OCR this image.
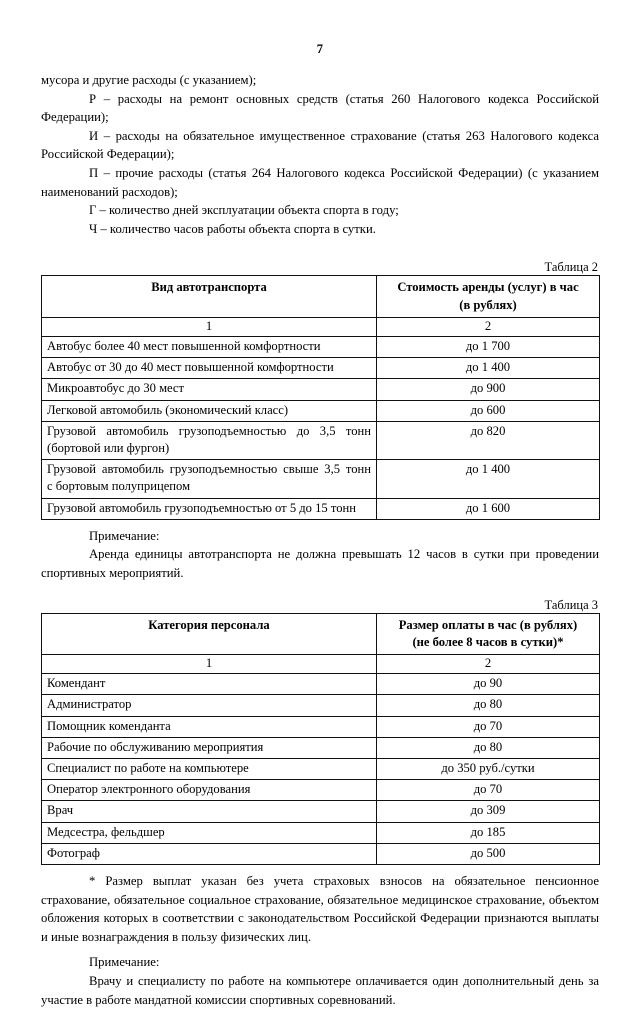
7

мусора и другие расходы (с указанием);

Р – расходы на ремонт основных средств (статья 260 Налогового кодекса Российской Федерации);

И – расходы на обязательное имущественное страхование (статья 263 Налогового кодекса Российской Федерации);

П – прочие расходы (статья 264 Налогового кодекса Российской Федерации) (с указанием наименований расходов);

Г – количество дней эксплуатации объекта спорта в году;

Ч – количество часов работы объекта спорта в сутки.

Таблица 2

Вид автотранспорта	Стоимость аренды (услуг) в час
(в рублях)
1	2
Автобус более 40 мест повышенной комфортности	до 1 700
Автобус от 30 до 40 мест повышенной комфортности	до 1 400
Микроавтобус до 30 мест	до 900
Легковой автомобиль (экономический класс)	до 600

Грузовой автомобиль грузоподъемностью до 3,5 тонн
(бортовой или фургон)	до 820

Грузовой автомобиль грузоподъемностью свыше 3,5 тонн
с бортовым полуприцепом	до 1 400
Грузовой автомобиль грузоподъемностью от 5 до 15 тонн	до 1 600

Примечание:

Аренда единицы автотранспорта не должна превышать 12 часов в сутки при проведении спортивных мероприятий.

Таблица 3

Категория персонала	Размер оплаты в час (в рублях)
(не более 8 часов в сутки)*
1	2
Комендант	до 90
Администратор	до 80
Помощник коменданта	до 70
Рабочие по обслуживанию мероприятия	до 80
Специалист по работе на компьютере	до 350 руб./сутки
Оператор электронного оборудования	до 70
Врач	до 309
Медсестра, фельдшер	до 185
Фотограф	до 500

* Размер выплат указан без учета страховых взносов на обязательное пенсионное страхование, обязательное социальное страхование, обязательное медицинское страхование, объектом обложения которых в соответствии с законодательством Российской Федерации признаются выплаты и иные вознаграждения в пользу физических лиц.

Примечание:

Врачу и специалисту по работе на компьютере оплачивается один дополнительный день за участие в работе мандатной комиссии спортивных соревнований.
